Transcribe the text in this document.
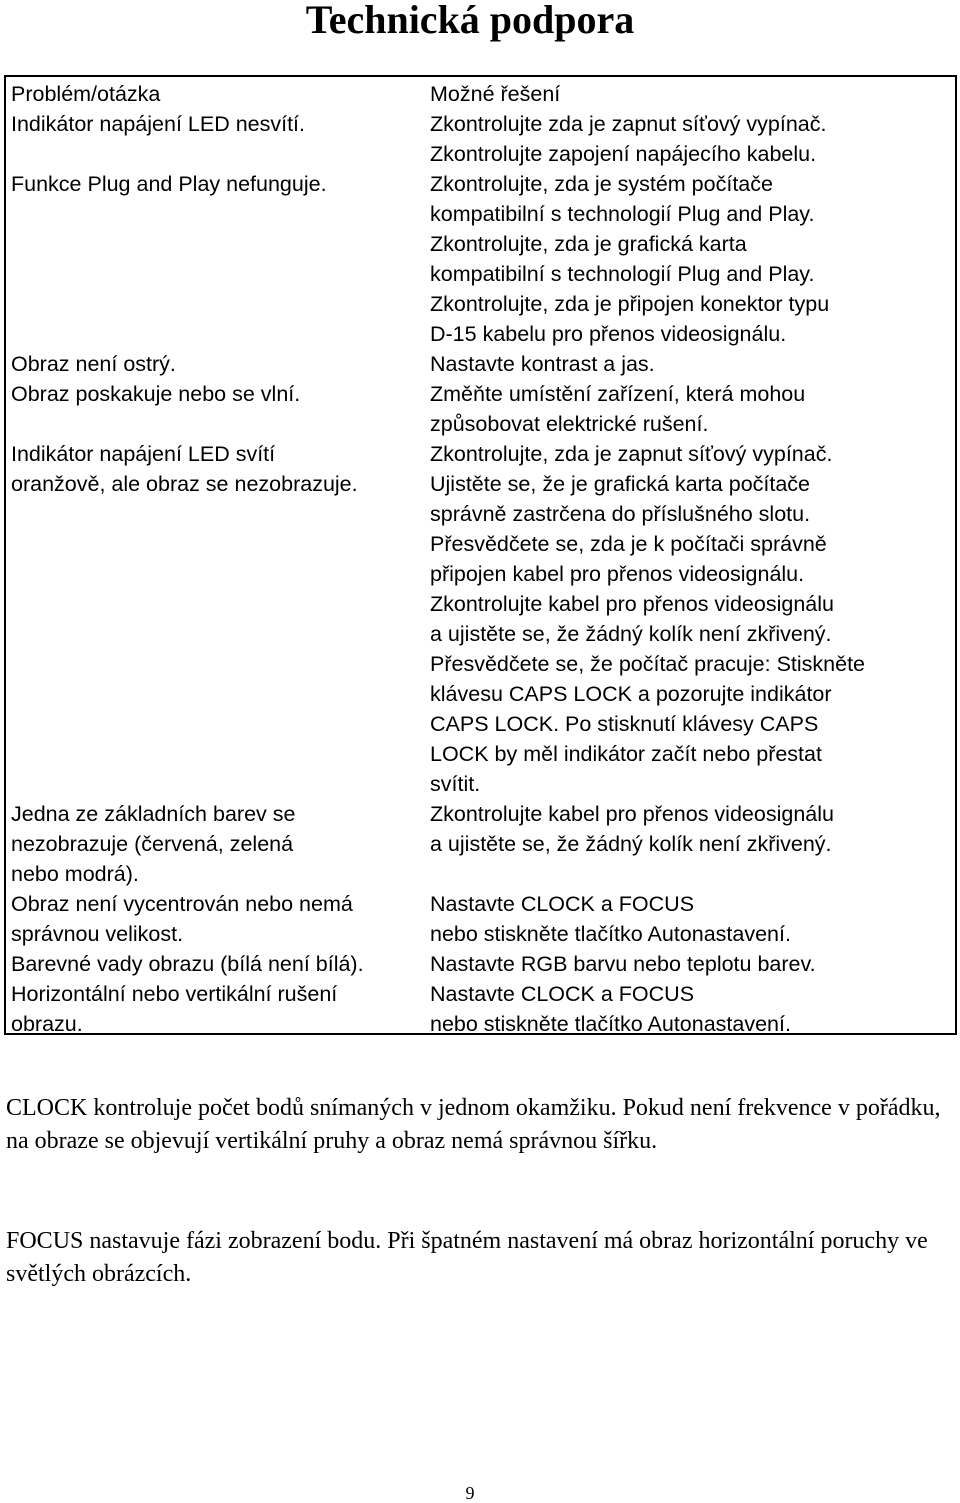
Technická podpora
Problém/otázka
Indikátor napájení LED nesvítí.
Funkce Plug and Play nefunguje.
Obraz není ostrý.
Obraz poskakuje nebo se vlní.
Indikátor napájení LED svítí
oranžově, ale obraz se nezobrazuje.
Jedna ze základních barev se
nezobrazuje (červená, zelená
nebo modrá).
Obraz není vycentrován nebo nemá
správnou velikost.
Barevné vady obrazu (bílá není bílá).
Horizontální nebo vertikální rušení
obrazu.
Možné řešení
Zkontrolujte zda je zapnut síťový vypínač.
Zkontrolujte zapojení napájecího kabelu.
Zkontrolujte, zda je systém počítače
kompatibilní s technologií Plug and Play.
Zkontrolujte, zda je grafická karta
kompatibilní s technologií Plug and Play.
Zkontrolujte, zda je připojen konektor typu
D-15 kabelu pro přenos videosignálu.
Nastavte kontrast a jas.
Změňte umístění zařízení, která mohou
způsobovat elektrické rušení.
Zkontrolujte, zda je zapnut síťový vypínač.
Ujistěte se, že je grafická karta počítače
správně zastrčena do příslušného slotu.
Přesvědčete se, zda je k počítači správně
připojen kabel pro přenos videosignálu.
Zkontrolujte kabel pro přenos videosignálu
a ujistěte se, že žádný kolík není zkřivený.
Přesvědčete se, že počítač pracuje: Stiskněte
klávesu CAPS LOCK a pozorujte indikátor
CAPS LOCK. Po stisknutí klávesy CAPS
LOCK by měl indikátor začít nebo přestat
svítit.
Zkontrolujte kabel pro přenos videosignálu
a ujistěte se, že žádný kolík není zkřivený.
Nastavte CLOCK a FOCUS
nebo stiskněte tlačítko Autonastavení.
Nastavte RGB barvu nebo teplotu barev.
Nastavte CLOCK a FOCUS
nebo stiskněte tlačítko Autonastavení.

CLOCK kontroluje počet bodů snímaných v jednom okamžiku. Pokud není frekvence v pořádku, na obraze se objevují vertikální pruhy a obraz nemá správnou šířku.

FOCUS nastavuje fázi zobrazení bodu. Při špatném nastavení má obraz horizontální poruchy ve světlých obrázcích.

9
